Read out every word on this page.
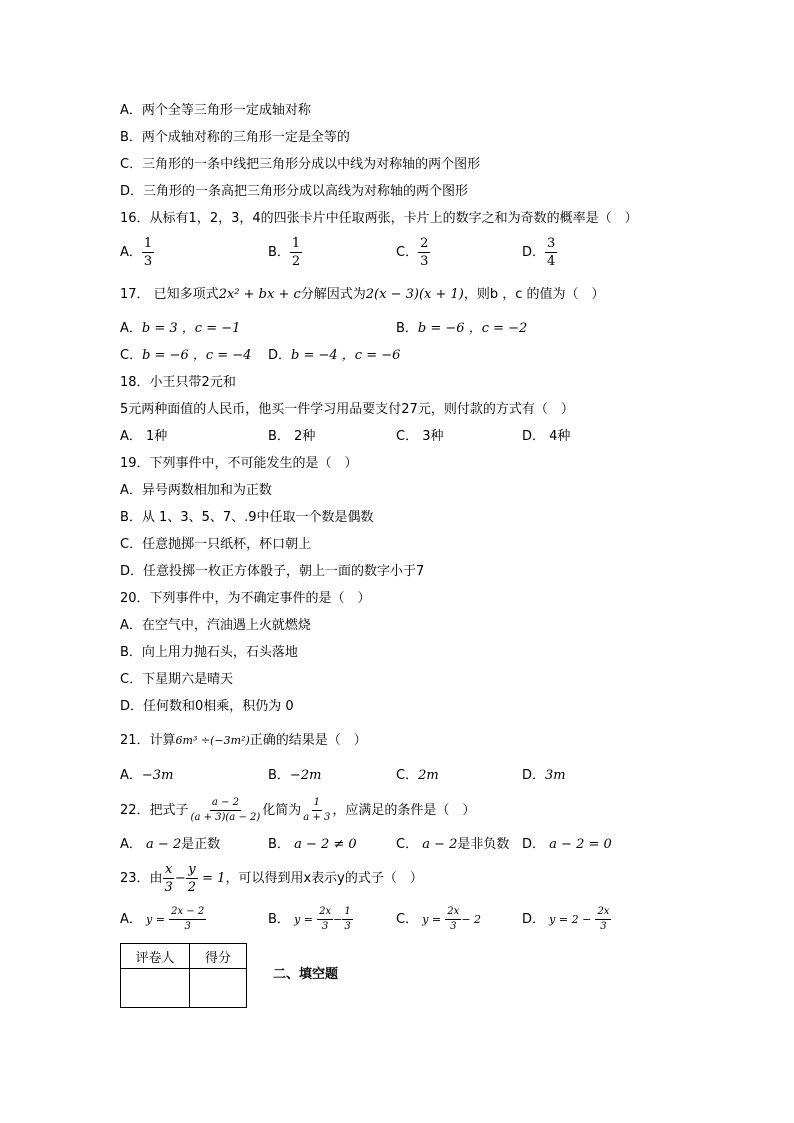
A．两个全等三角形一定成轴对称
B．两个成轴对称的三角形一定是全等的
C．三角形的一条中线把三角形分成以中线为对称轴的两个图形
D．三角形的一条高把三角形分成以高线为对称轴的两个图形
16．从标有1，2，3，4的四张卡片中任取两张，卡片上的数字之和为奇数的概率是（　）
A． $\frac{1}{3}$	B． $\frac{1}{2}$	C． $\frac{2}{3}$	D． $\frac{3}{4}$
17． 已知多项式2x² + bx + c分解因式为2(x − 3)(x + 1)，则b ，c 的值为（　）
A．b = 3 ，c = −1	B．b = −6 ，c = −2
C．b = −6 ，c = −4 D．b = −4 ，c = −6
18．小王只带2元和
5元两种面值的人民币，他买一件学习用品要支付27元，则付款的方式有（　）
A． 1种	B． 2种	C． 3种	D． 4种
19．下列事件中，不可能发生的是（　）
A．异号两数相加和为正数
B．从 1、3、5、7、.9中任取一个数是偶数
C．任意抛掷一只纸杯，杯口朝上
D．任意投掷一枚正方体骰子，朝上一面的数字小于7
20．下列事件中，为不确定事件的是（　）
A．在空气中，汽油遇上火就燃烧
B．向上用力抛石头，石头落地
C．下星期六是晴天
D．任何数和0相乘，积仍为 0
21．计算6m³ ÷(−3m²)正确的结果是（　）
A．−3m	B．−2m	C．2m	D．3m
22．把式子 $\frac{a - 2}{(a + 3)(a - 2)}$ 化简为 $\frac{1}{a + 3}$ ，应满足的条件是（　）
A． a − 2是正数	B． a − 2 ≠ 0	C． a − 2是非负数 D． a − 2 = 0
23．由 $\frac{x}{3} - \frac{y}{2} = 1$，可以得到用x表示y的式子（　）
A． $y = \frac{2x - 2}{3}$	B． $y = \frac{2x}{3} - \frac{1}{3}$	C． $y = \frac{2x}{3} - 2$	D． $y = 2 - \frac{2x}{3}$
评卷人	得分

二、填空题
